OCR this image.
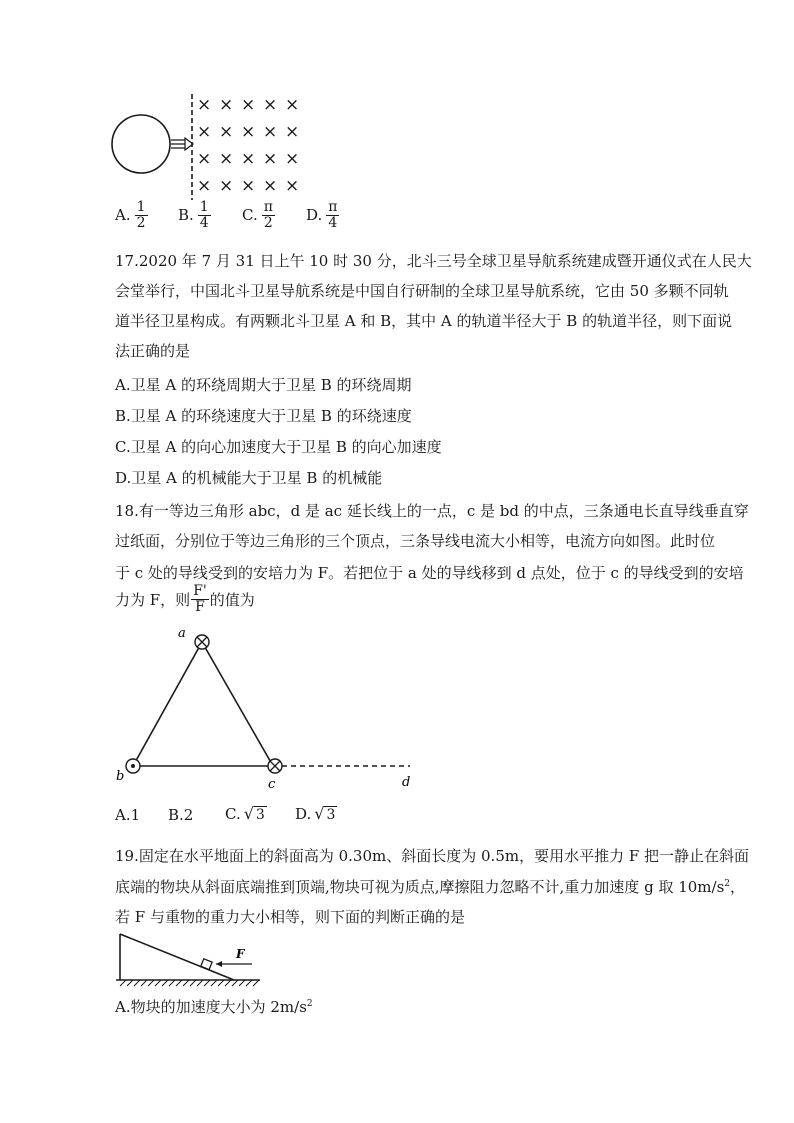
× × × × ×
× × × × ×
× × × × ×
× × × × ×
A. $\frac{1}{2} B$. $\frac{1}{4} C$. $\frac{\pi}{2} D$. $\frac{\pi}{4}$
17.2020 年 7 月 31 日上午 10 时 30 分，北斗三号全球卫星导航系统建成暨开通仪式在人民大
会堂举行，中国北斗卫星导航系统是中国自行研制的全球卫星导航系统，它由 50 多颗不同轨
道半径卫星构成。有两颗北斗卫星 A 和 B，其中 A 的轨道半径大于 B 的轨道半径，则下面说
法正确的是
A.卫星 A 的环绕周期大于卫星 B 的环绕周期
B.卫星 A 的环绕速度大于卫星 B 的环绕速度
C.卫星 A 的向心加速度大于卫星 B 的向心加速度
D.卫星 A 的机械能大于卫星 B 的机械能
18.有一等边三角形 abc，d 是 ac 延长线上的一点，c 是 bd 的中点，三条通电长直导线垂直穿
过纸面，分别位于等边三角形的三个顶点，三条导线电流大小相等，电流方向如图。此时位
于 c 处的导线受到的安培力为 F。若把位于 a 处的导线移到 d 点处，位于 c 的导线受到的安培
力为 F，则 $\frac{F'}{F}$ 的值为
a
b
c	d
A. 1 B. 2 C. √ 3 D. √ 3
19.固定在水平地面上的斜面高为 0.30m、斜面长度为 0.5m，要用水平推力 F 把一静止在斜面
底端的物块从斜面底端推到顶端,物块可视为质点,摩擦阻力忽略不计,重力加速度 g 取 $10m/s^2$，
若 F 与重物的重力大小相等，则下面的判断正确的是
F
A.物块的加速度大小为 $2m/s^2$
